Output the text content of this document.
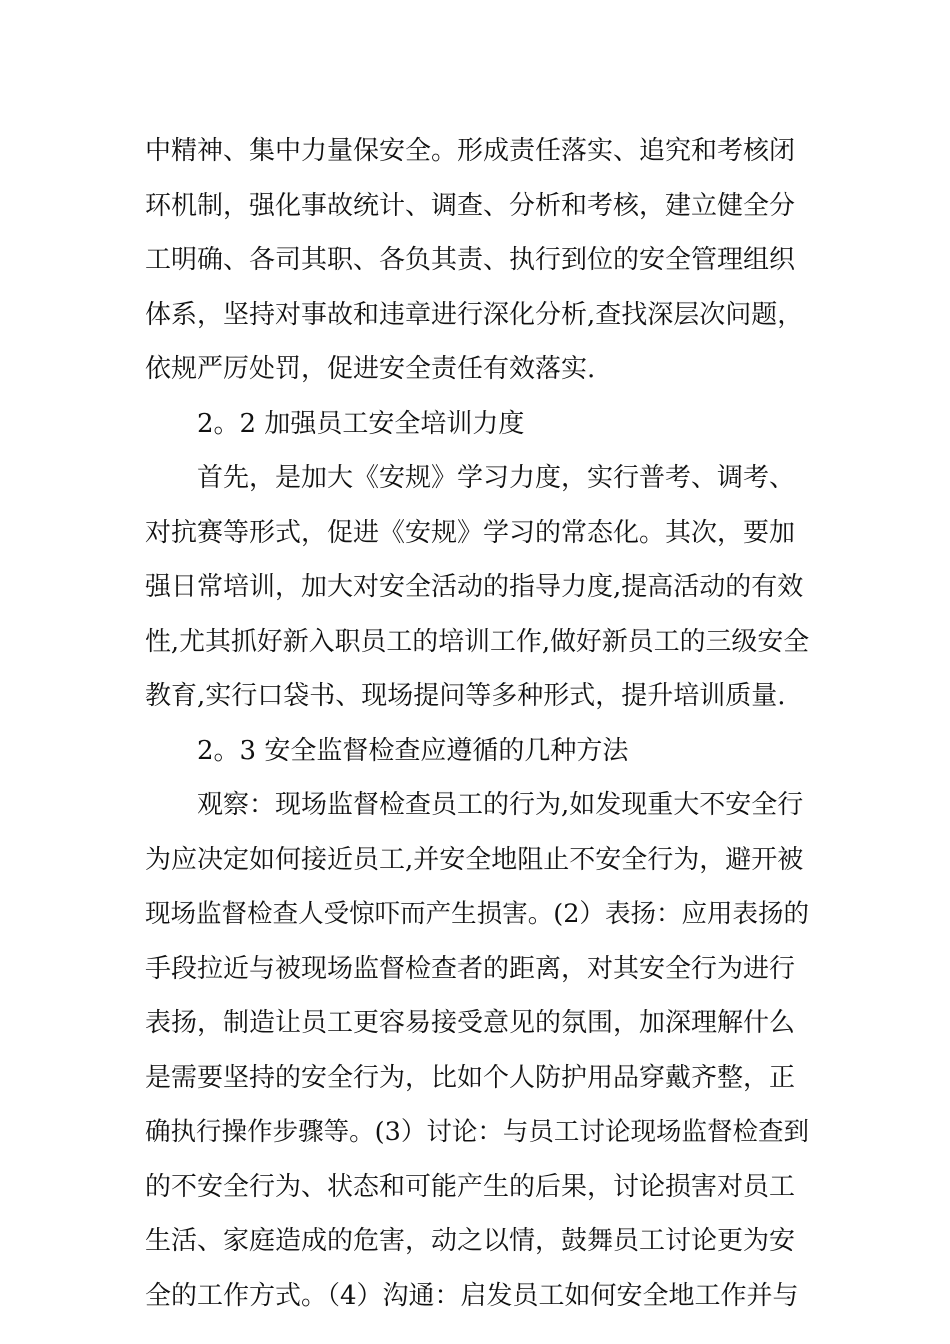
中精神、集中力量保安全。形成责任落实、追究和考核闭
环机制，强化事故统计、调查、分析和考核，建立健全分
工明确、各司其职、各负其责、执行到位的安全管理组织
体系，坚持对事故和违章进行深化分析,查找深层次问题，
依规严厉处罚，促进安全责任有效落实.
2。2 加强员工安全培训力度
首先，是加大《安规》学习力度，实行普考、调考、
对抗赛等形式，促进《安规》学习的常态化。其次，要加
强日常培训，加大对安全活动的指导力度,提高活动的有效
性,尤其抓好新入职员工的培训工作,做好新员工的三级安全
教育,实行口袋书、现场提问等多种形式，提升培训质量.
2。3 安全监督检查应遵循的几种方法
观察：现场监督检查员工的行为,如发现重大不安全行
为应决定如何接近员工,并安全地阻止不安全行为，避开被
现场监督检查人受惊吓而产生损害。(2）表扬：应用表扬的
手段拉近与被现场监督检查者的距离，对其安全行为进行
表扬，制造让员工更容易接受意见的氛围，加深理解什么
是需要坚持的安全行为，比如个人防护用品穿戴齐整，正
确执行操作步骤等。(3）讨论：与员工讨论现场监督检查到
的不安全行为、状态和可能产生的后果，讨论损害对员工
生活、家庭造成的危害，动之以情，鼓舞员工讨论更为安
全的工作方式。（4）沟通：启发员工如何安全地工作并与
